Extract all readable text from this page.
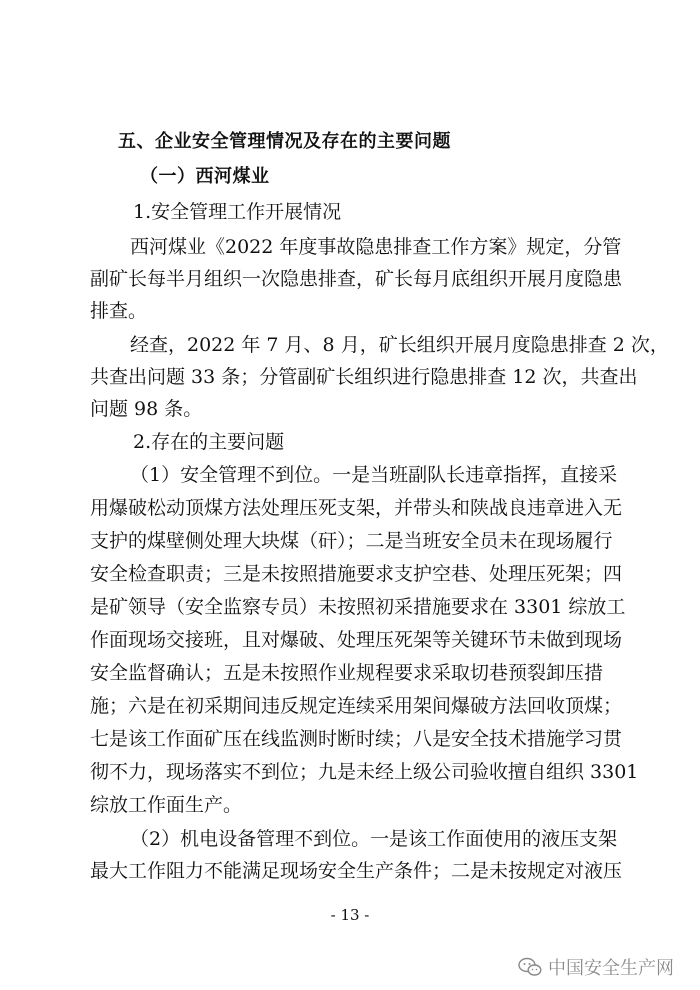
五、企业安全管理情况及存在的主要问题
（一）西河煤业
1.安全管理工作开展情况
西河煤业《2022 年度事故隐患排查工作方案》规定，分管
副矿长每半月组织一次隐患排查，矿长每月底组织开展月度隐患
排查。
经查，2022 年 7 月、8 月，矿长组织开展月度隐患排查 2 次，
共查出问题 33 条；分管副矿长组织进行隐患排查 12 次，共查出
问题 98 条。
2.存在的主要问题
（1）安全管理不到位。一是当班副队长违章指挥，直接采
用爆破松动顶煤方法处理压死支架，并带头和陕战良违章进入无
支护的煤壁侧处理大块煤（矸）；二是当班安全员未在现场履行
安全检查职责；三是未按照措施要求支护空巷、处理压死架；四
是矿领导（安全监察专员）未按照初采措施要求在 3301 综放工
作面现场交接班，且对爆破、处理压死架等关键环节未做到现场
安全监督确认；五是未按照作业规程要求采取切巷预裂卸压措
施；六是在初采期间违反规定连续采用架间爆破方法回收顶煤；
七是该工作面矿压在线监测时断时续；八是安全技术措施学习贯
彻不力，现场落实不到位；九是未经上级公司验收擅自组织 3301
综放工作面生产。
（2）机电设备管理不到位。一是该工作面使用的液压支架
最大工作阻力不能满足现场安全生产条件；二是未按规定对液压
- 13 -
中国安全生产网
